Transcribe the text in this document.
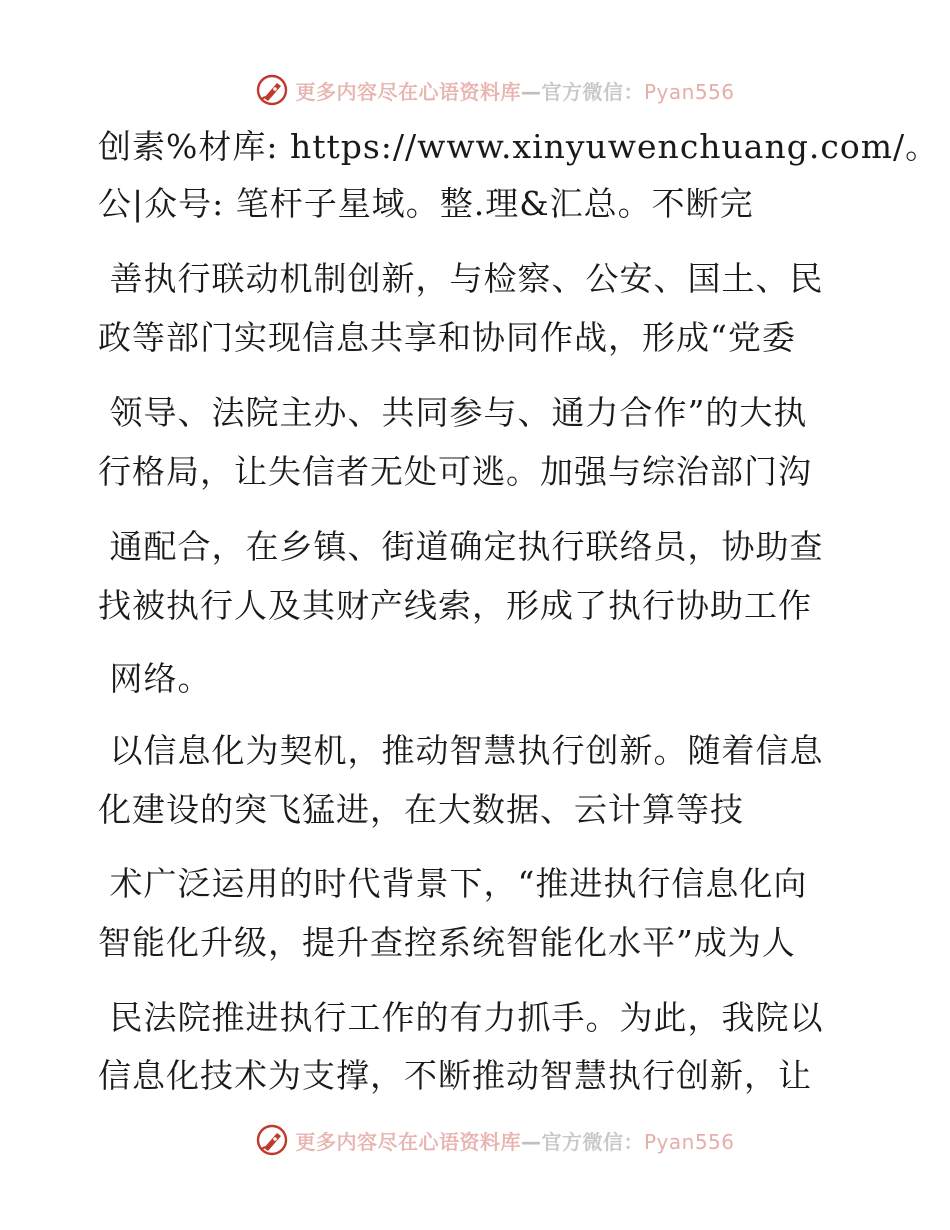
更多内容尽在心语资料库—官方微信：Pyan556
创素%材库: https://www.xinyuwenchuang.com/。
公|众号: 笔杆子星域。整.理&汇总。不断完
善执行联动机制创新，与检察、公安、国土、民
政等部门实现信息共享和协同作战，形成“党委
领导、法院主办、共同参与、通力合作”的大执
行格局，让失信者无处可逃。加强与综治部门沟
通配合，在乡镇、街道确定执行联络员，协助查
找被执行人及其财产线索，形成了执行协助工作
网络。
以信息化为契机，推动智慧执行创新。随着信息
化建设的突飞猛进，在大数据、云计算等技
术广泛运用的时代背景下，“推进执行信息化向
智能化升级，提升查控系统智能化水平”成为人
民法院推进执行工作的有力抓手。为此，我院以
信息化技术为支撑，不断推动智慧执行创新，让
更多内容尽在心语资料库—官方微信：Pyan556
